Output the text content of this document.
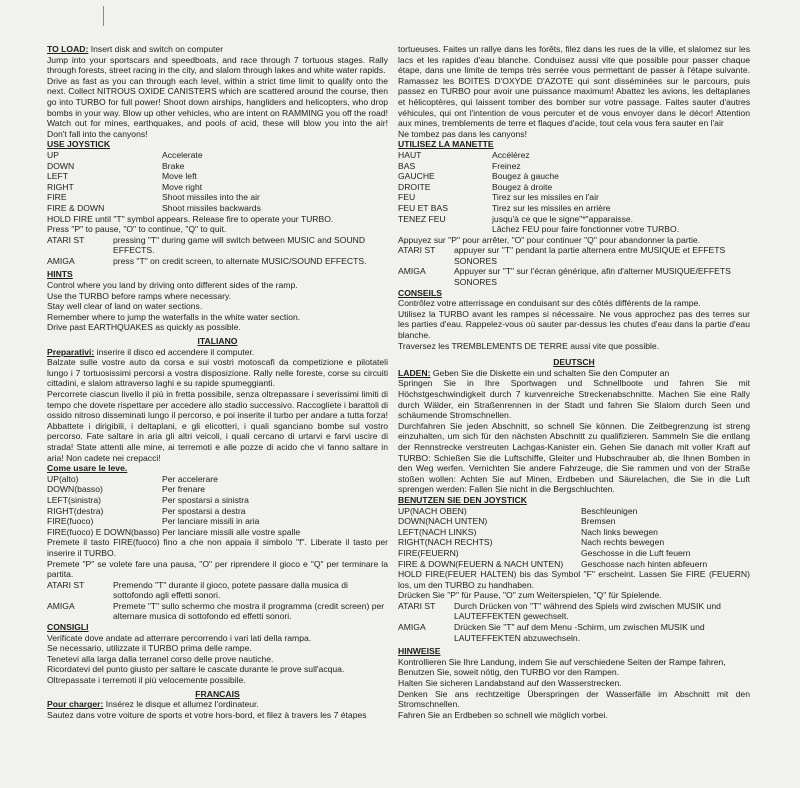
TO LOAD: Insert disk and switch on computer

Jump into your sportscars and speedboats, and race through 7 tortuous stages. Rally through forests, street racing in the city, and slalom through lakes and white water rapids.

Drive as fast as you can through each level, within a strict time limit to qualify onto the next. Collect NITROUS OXIDE CANISTERS which are scattered around the course, then go into TURBO for full power! Shoot down airships, hangliders and helicopters, who drop bombs in your way. Blow up other vehicles, who are intent on RAMMING you off the road! Watch out for mines, earthquakes, and pools of acid, these will blow you into the air! Don't fall into the canyons!

USE JOYSTICK

UP	Accelerate
DOWN	Brake
LEFT	Move left
RIGHT	Move right
FIRE	Shoot missiles into the air
FIRE & DOWN	Shoot missiles backwards

HOLD FIRE until "T" symbol appears. Release fire to operate your TURBO.

Press "P" to pause, "O" to continue, "Q" to quit.

ATARI ST	pressing "T" during game will switch between MUSIC and SOUND EFFECTS.
AMIGA	press "T" on credit screen, to alternate MUSIC/SOUND EFFECTS.

HINTS

Control where you land by driving onto different sides of the ramp.

Use the TURBO before ramps where necessary.

Stay well clear of land on water sections.

Remember where to jump the waterfalls in the white water section.

Drive past EARTHQUAKES as quickly as possible.

ITALIANO

Preparativi: inserire il disco ed accendere il computer.

Balzate sulle vostre auto da corsa e sui vostri motoscafi da competizione e pilotateli lungo i 7 tortuosissimi percorsi a vostra disposizione. Rally nelle foreste, corse su circuiti cittadini, e slalom attraverso laghi e su rapide spumeggianti.

Percorrete ciascun livello il più in fretta possibile, senza oltrepassare i severissimi limiti di tempo che dovete rispettare per accedere allo stadio successivo. Raccogliete i barattoli di ossido nitroso disseminati lungo il percorso, e poi inserite il turbo per andare a tutta forza! Abbattete i dirigibili, i deltaplani, e gli elicotteri, i quali sganciano bombe sul vostro percorso. Fate saltare in aria gli altri veicoli, i quali cercano di urtarvi e farvi uscire di strada! State attenti alle mine, ai terremoti e alle pozze di acido che vi fanno saltare in aria! Non cadete nei crepacci!

Come usare le leve.

UP(alto)	Per accelerare
DOWN(basso)	Per frenare
LEFT(sinistra)	Per spostarsi a sinistra
RIGHT(destra)	Per spostarsi a destra
FIRE(fuoco)	Per lanciare missili in aria

FIRE(fuoco) E DOWN(basso) Per lanciare missili alle vostre spalle

Premete il tasto FIRE(fuoco) fino a che non appaia il simbolo "f". Liberate il tasto per inserire il TURBO.

Premete "P" se volete fare una pausa, "O" per riprendere il gioco e "Q" per terminare la partita.

ATARI ST	Premendo "T" durante il gioco, potete passare dalla musica di sottofondo agli effetti sonori.
AMIGA	Premete "T" sullo schermo che mostra il programma (credit screen) per alternare musica di sottofondo ed effetti sonori.

CONSIGLI

Verificate dove andate ad atterrare percorrendo i vari lati della rampa.

Se necessario, utilizzate il TURBO prima delle rampe.

Tenetevi alla larga dalla terranel corso delle prove nautiche.

Ricordatevi del punto giusto per saltare le cascate durante le prove sull'acqua.

Oltrepassate i terremoti il più velocemente possibile.

FRANCAIS

Pour charger: Insérez le disque et allumez l'ordinateur.

Sautez dans votre voiture de sports et votre hors-bord, et filez à travers les 7 étapes

tortueuses. Faites un rallye dans les forêts, filez dans les rues de la ville, et slalomez sur les lacs et les rapides d'eau blanche. Conduisez aussi vite que possible pour passer chaque étape, dans une limite de temps très serrée vous permettant de passer à l'étape suivante. Ramassez les BOITES D'OXYDE D'AZOTE qui sont disséminées sur le parcours, puis passez en TURBO pour avoir une puissance maximum! Abattez les avions, les deltaplanes et hélicoptères, qui laissent tomber des bomber sur votre passage. Faites sauter d'autres véhicules, qui ont l'intention de vous percuter et de vous envoyer dans le décor! Attention aux mines, tremblements de terre et flaques d'acide, tout cela vous fera sauter en l'air

Ne tombez pas dans les canyons!

UTILISEZ LA MANETTE

HAUT	Accélérez
BAS	Freinez
GAUCHE	Bougez à gauche
DROITE	Bougez à droite
FEU	Tirez sur les missiles en l'air
FEU ET BAS	Tirez sur les missiles en arrière
TENEZ FEU	jusqu'à ce que le signe"*"apparaisse.
Lâchez FEU pour faire fonctionner votre TURBO.

Appuyez sur "P" pour arrêter, "O" pour continuer "Q" pour abandonner la partie.

ATARI ST	appuyer sur "T" pendant la partie alternera entre MUSIQUE et EFFETS SONORES
AMIGA	Appuyer sur "T" sur l'écran générique, afin d'alterner MUSIQUE/EFFETS SONORES

CONSEILS

Contrôlez votre atterrissage en conduisant sur des côtés différents de la rampe.

Utilisez la TURBO avant les rampes si nécessaire. Ne vous approchez pas des terres sur les parties d'eau. Rappelez-vous où sauter par-dessus les chutes d'eau dans la partie d'eau blanche.

Traversez les TREMBLEMENTS DE TERRE aussi vite que possible.

DEUTSCH

LADEN: Geben Sie die Diskette ein und schalten Sie den Computer an

Springen Sie in Ihre Sportwagen und Schnellboote und fahren Sie mit Höchstgeschwindigkeit durch 7 kurvenreiche Streckenabschnitte. Machen Sie eine Rally durch Wälder, ein Straßenrennen in der Stadt und fahren Sie Slalom durch Seen und schäumende Stromschnellen.

Durchfahren Sie jeden Abschnitt, so schnell Sie können. Die Zeitbegrenzung ist streng einzuhalten, um sich für den nächsten Abschnitt zu qualifizieren. Sammeln Sie die entlang der Rennstrecke verstreuten Lachgas-Kanister ein. Gehen Sie danach mit voller Kraft auf TURBO: Schießen Sie die Luftschiffe, Gleiter und Hubschrauber ab, die Ihnen Bomben in den Weg werfen. Vernichten Sie andere Fahrzeuge, die Sie rammen und von der Straße stoßen wollen: Achten Sie auf Minen, Erdbeben und Säurelachen, die Sie in die Luft sprengen werden: Fallen Sie nicht in die Bergschluchten.

BENUTZEN SIE DEN JOYSTICK

UP(NACH OBEN)	Beschleunigen
DOWN(NACH UNTEN)	Bremsen
LEFT(NACH LINKS)	Nach links bewegen
RIGHT(NACH RECHTS)	Nach rechts bewegen
FIRE(FEUERN)	Geschosse in die Luft feuern
FIRE & DOWN(FEUERN & NACH UNTEN)	Geschosse nach hinten abfeuern

HOLD FIRE(FEUER HALTEN) bis das Symbol "F" erscheint. Lassen Sie FIRE (FEUERN) los, um den TURBO zu handhaben.

Drücken Sie "P" für Pause, "O" zum Weiterspielen, "Q" für Spielende.

ATARI ST	Durch Drücken von "T" während des Spiels wird zwischen MUSIK und LAUTEFFEKTEN gewechselt.
AMIGA	Drücken Sie "T" auf dem Menu -Schirm, um zwischen MUSIK und LAUTEFFEKTEN abzuwechseln.

HINWEISE

Kontrollieren Sie Ihre Landung, indem Sie auf verschiedene Seiten der Rampe fahren,

Benutzen Sie, soweit nötig, den TURBO vor den Rampen.

Halten Sie sicheren Landabstand auf den Wasserstrecken.

Denken Sie ans rechtzeitige Überspringen der Wasserfälle im Abschnitt mit den Stromschnellen.

Fahren Sie an Erdbeben so schnell wie möglich vorbei.
